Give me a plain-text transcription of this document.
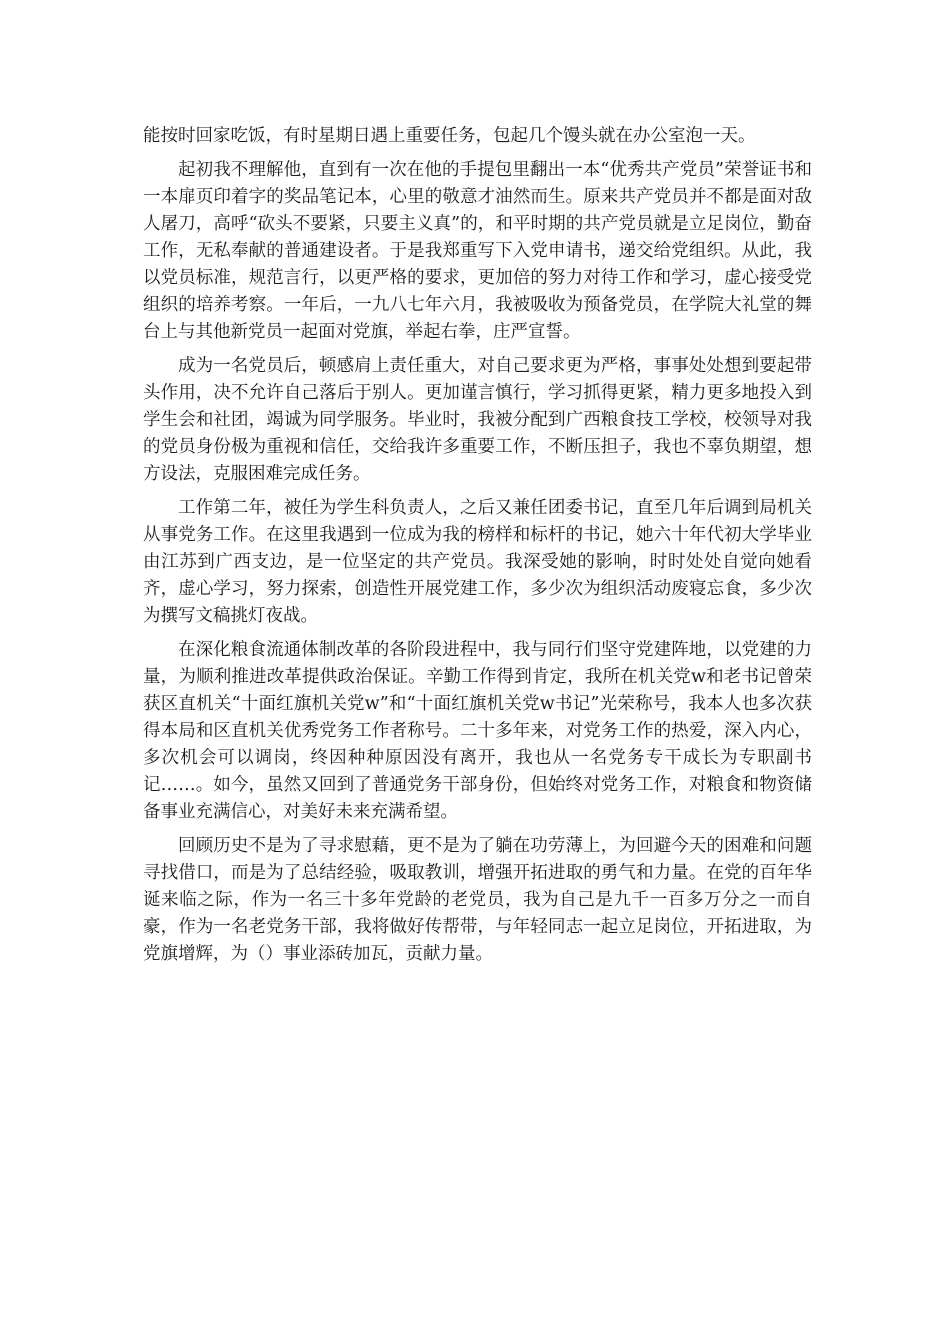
能按时回家吃饭，有时星期日遇上重要任务，包起几个馒头就在办公室泡一天。

起初我不理解他，直到有一次在他的手提包里翻出一本“优秀共产党员”荣誉证书和一本扉页印着字的奖品笔记本，心里的敬意才油然而生。原来共产党员并不都是面对敌人屠刀，高呼“砍头不要紧，只要主义真”的，和平时期的共产党员就是立足岗位，勤奋工作，无私奉献的普通建设者。于是我郑重写下入党申请书，递交给党组织。从此，我以党员标准，规范言行，以更严格的要求，更加倍的努力对待工作和学习，虚心接受党组织的培养考察。一年后，一九八七年六月，我被吸收为预备党员，在学院大礼堂的舞台上与其他新党员一起面对党旗，举起右拳，庄严宣誓。

成为一名党员后，顿感肩上责任重大，对自己要求更为严格，事事处处想到要起带头作用，决不允许自己落后于别人。更加谨言慎行，学习抓得更紧，精力更多地投入到学生会和社团，竭诚为同学服务。毕业时，我被分配到广西粮食技工学校，校领导对我的党员身份极为重视和信任，交给我许多重要工作，不断压担子，我也不辜负期望，想方设法，克服困难完成任务。

工作第二年，被任为学生科负责人，之后又兼任团委书记，直至几年后调到局机关从事党务工作。在这里我遇到一位成为我的榜样和标杆的书记，她六十年代初大学毕业由江苏到广西支边，是一位坚定的共产党员。我深受她的影响，时时处处自觉向她看齐，虚心学习，努力探索，创造性开展党建工作，多少次为组织活动废寝忘食，多少次为撰写文稿挑灯夜战。

在深化粮食流通体制改革的各阶段进程中，我与同行们坚守党建阵地，以党建的力量，为顺利推进改革提供政治保证。辛勤工作得到肯定，我所在机关党w和老书记曾荣获区直机关“十面红旗机关党w”和“十面红旗机关党w书记”光荣称号，我本人也多次获得本局和区直机关优秀党务工作者称号。二十多年来，对党务工作的热爱，深入内心，多次机会可以调岗，终因种种原因没有离开，我也从一名党务专干成长为专职副书记……。如今，虽然又回到了普通党务干部身份，但始终对党务工作，对粮食和物资储备事业充满信心，对美好未来充满希望。

回顾历史不是为了寻求慰藉，更不是为了躺在功劳薄上，为回避今天的困难和问题寻找借口，而是为了总结经验，吸取教训，增强开拓进取的勇气和力量。在党的百年华诞来临之际，作为一名三十多年党龄的老党员，我为自己是九千一百多万分之一而自豪，作为一名老党务干部，我将做好传帮带，与年轻同志一起立足岗位，开拓进取，为党旗增辉，为（）事业添砖加瓦，贡献力量。
